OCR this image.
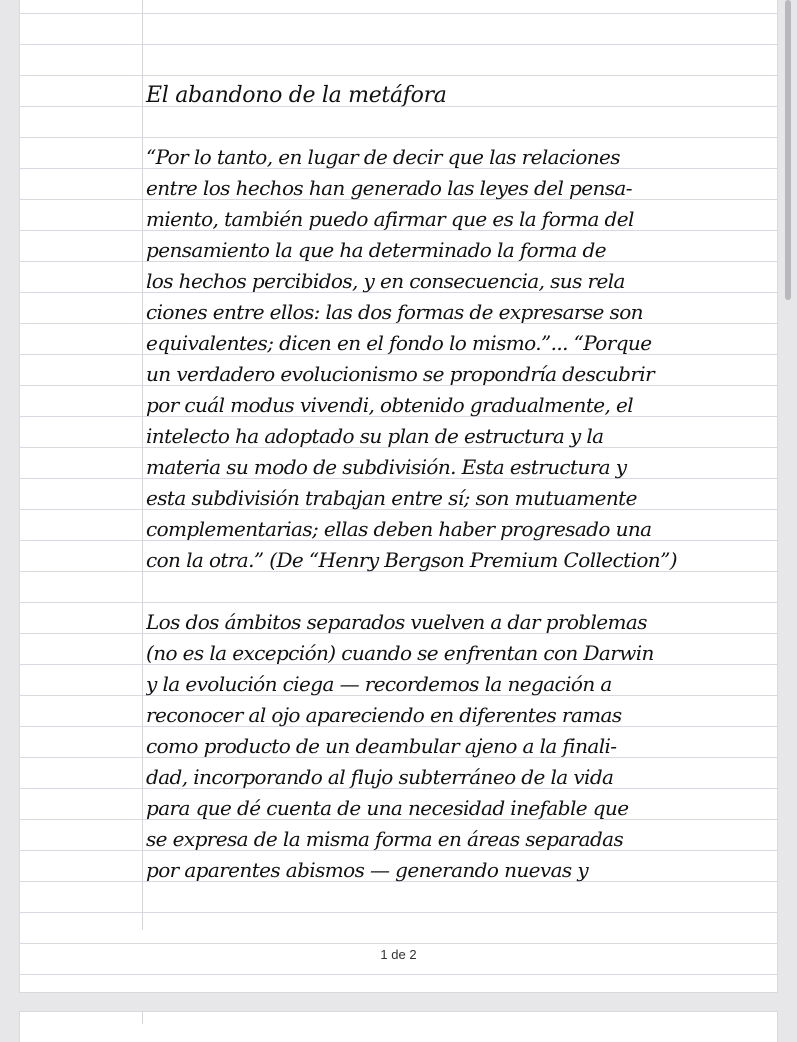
El abandono de la metáfora
“Por lo tanto, en lugar de decir que las relaciones
entre los hechos han generado las leyes del pensa-
miento, también puedo afirmar que es la forma del
pensamiento la que ha determinado la forma de
los hechos percibidos, y en consecuencia, sus rela
ciones entre ellos: las dos formas de expresarse son
equivalentes; dicen en el fondo lo mismo.”... “Porque
un verdadero evolucionismo se propondría descubrir
por cuál modus vivendi, obtenido gradualmente, el
intelecto ha adoptado su plan de estructura y la
materia su modo de subdivisión. Esta estructura y
esta subdivisión trabajan entre sí; son mutuamente
complementarias; ellas deben haber progresado una
con la otra.” (De “Henry Bergson Premium Collection”)
Los dos ámbitos separados vuelven a dar problemas
(no es la excepción) cuando se enfrentan con Darwin
y la evolución ciega — recordemos la negación a
reconocer al ojo apareciendo en diferentes ramas
como producto de un deambular ajeno a la finali-
dad, incorporando al flujo subterráneo de la vida
para que dé cuenta de una necesidad inefable que
se expresa de la misma forma en áreas separadas
por aparentes abismos — generando nuevas y
1 de 2
